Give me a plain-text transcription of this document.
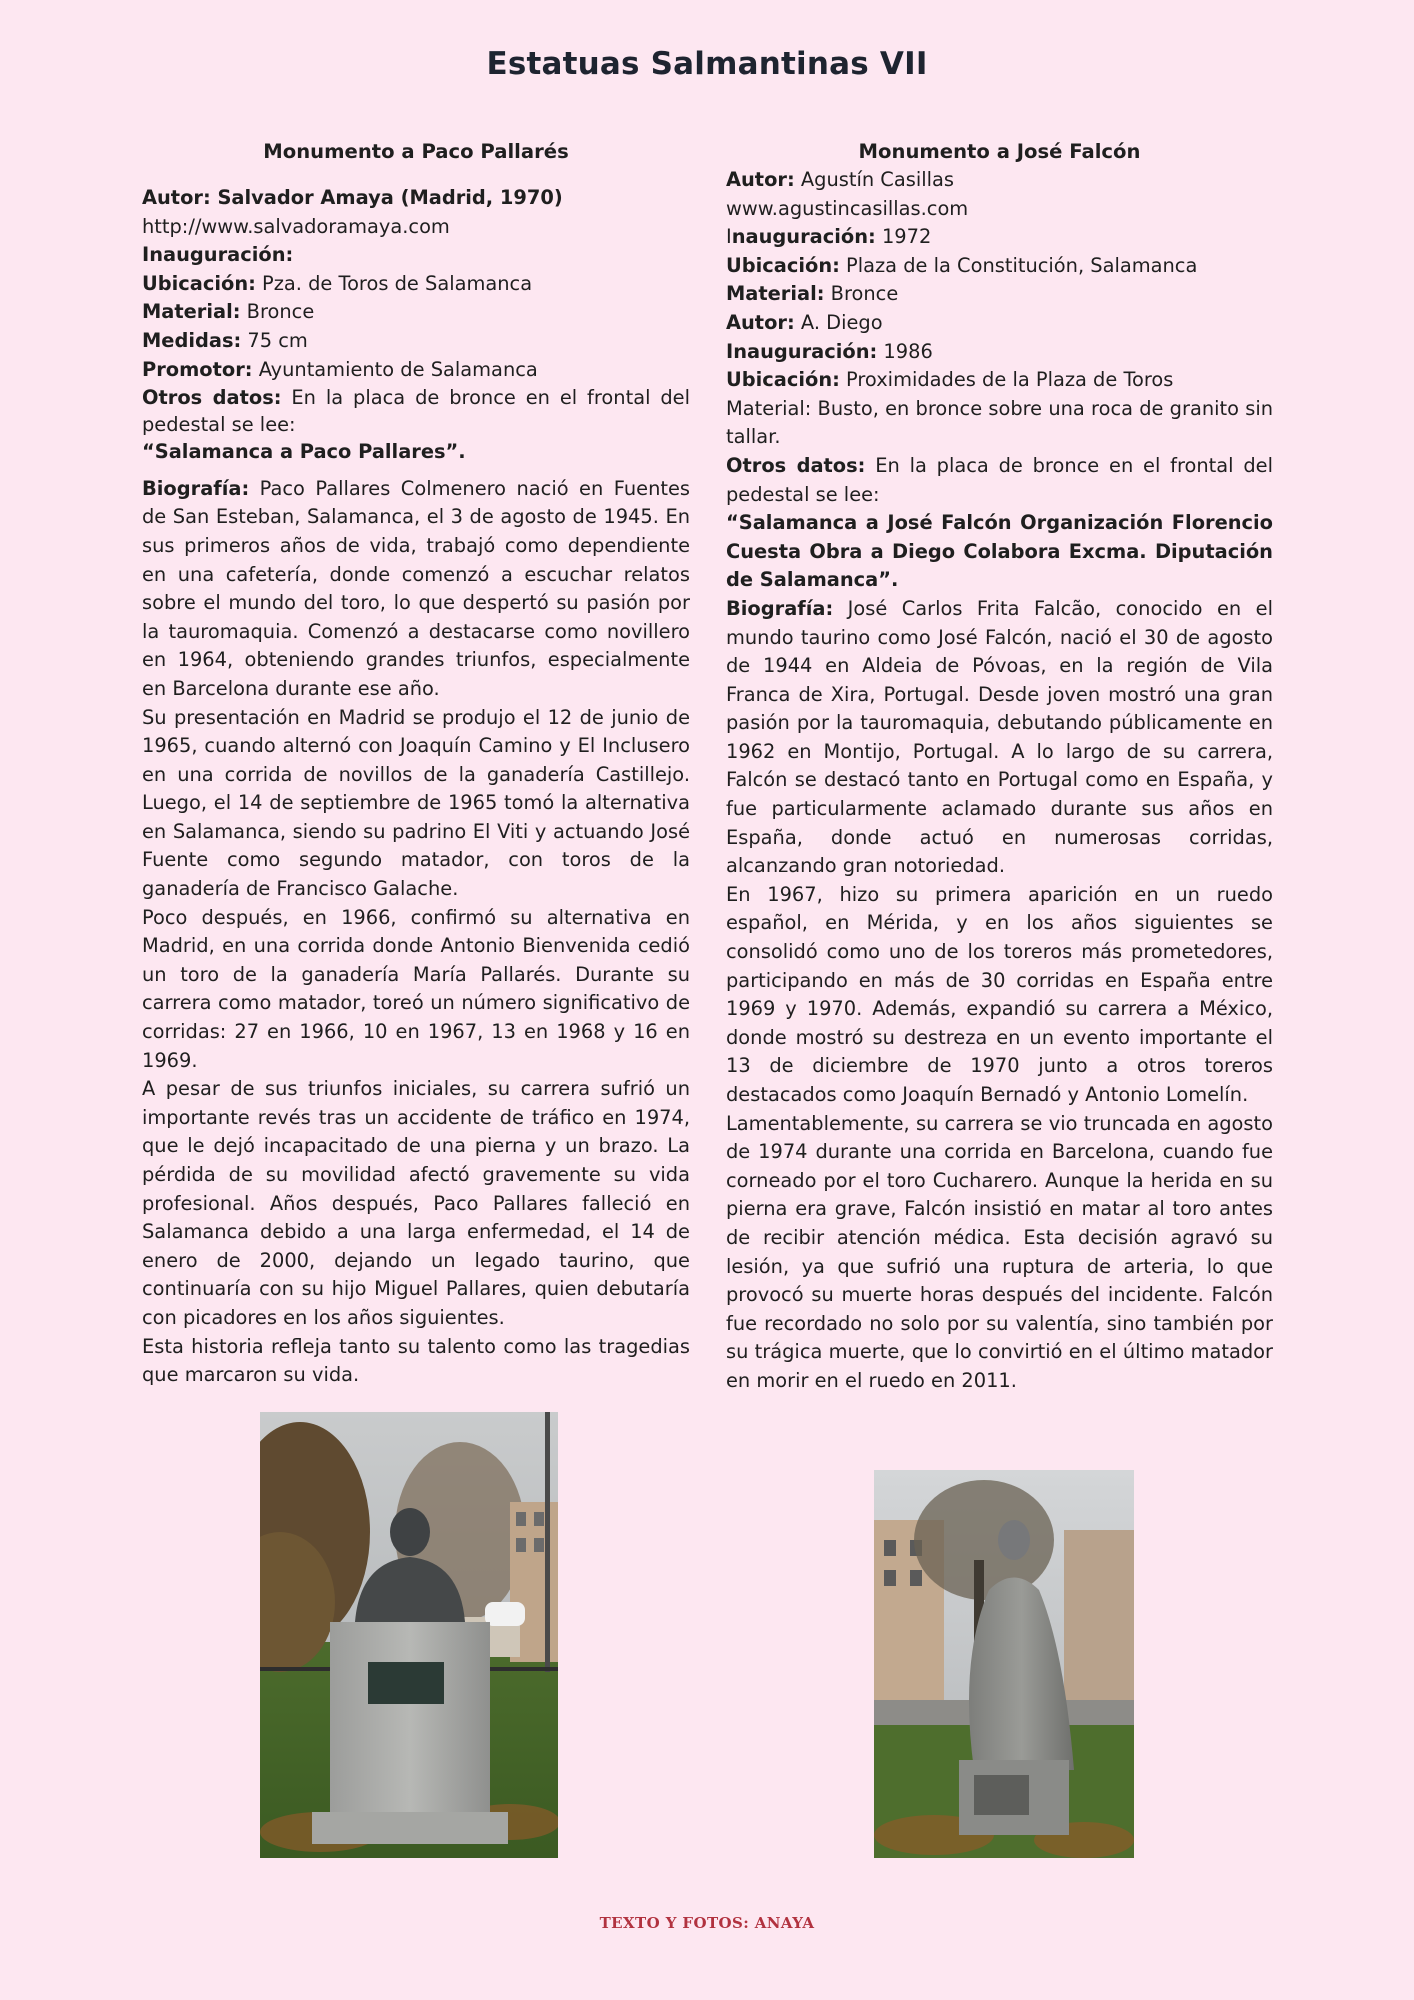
Estatuas Salmantinas VII

Monumento a Paco Pallarés

Autor: Salvador Amaya (Madrid, 1970)

http://www.salvadoramaya.com

Inauguración:

Ubicación: Pza. de Toros de Salamanca

Material: Bronce

Medidas: 75 cm

Promotor: Ayuntamiento de Salamanca

Otros datos: En la placa de bronce en el frontal del pedestal se lee:

“Salamanca a Paco Pallares”.

Biografía: Paco Pallares Colmenero nació en Fuentes de San Esteban, Salamanca, el 3 de agosto de 1945. En sus primeros años de vida, trabajó como dependiente en una cafetería, donde comenzó a escuchar relatos sobre el mundo del toro, lo que despertó su pasión por la tauromaquia. Comenzó a destacarse como novillero en 1964, obteniendo grandes triunfos, especialmente en Barcelona durante ese año.

Su presentación en Madrid se produjo el 12 de junio de 1965, cuando alternó con Joaquín Camino y El Inclusero en una corrida de novillos de la ganadería Castillejo. Luego, el 14 de septiembre de 1965 tomó la alternativa en Salamanca, siendo su padrino El Viti y actuando José Fuente como segundo matador, con toros de la ganadería de Francisco Galache.

Poco después, en 1966, confirmó su alternativa en Madrid, en una corrida donde Antonio Bienvenida cedió un toro de la ganadería María Pallarés. Durante su carrera como matador, toreó un número significativo de corridas: 27 en 1966, 10 en 1967, 13 en 1968 y 16 en 1969.

A pesar de sus triunfos iniciales, su carrera sufrió un importante revés tras un accidente de tráfico en 1974, que le dejó incapacitado de una pierna y un brazo. La pérdida de su movilidad afectó gravemente su vida profesional. Años después, Paco Pallares falleció en Salamanca debido a una larga enfermedad, el 14 de enero de 2000, dejando un legado taurino, que continuaría con su hijo Miguel Pallares, quien debutaría con picadores en los años siguientes.

Esta historia refleja tanto su talento como las tragedias que marcaron su vida.

Monumento a José Falcón

Autor: Agustín Casillas

www.agustincasillas.com

Inauguración: 1972

Ubicación: Plaza de la Constitución, Salamanca

Material: Bronce

Autor: A. Diego

Inauguración: 1986

Ubicación: Proximidades de la Plaza de Toros

Material: Busto, en bronce sobre una roca de granito sin tallar.

Otros datos: En la placa de bronce en el frontal del pedestal se lee:

“Salamanca a José Falcón Organización Florencio Cuesta Obra a Diego Colabora Excma. Diputación de Salamanca”.

Biografía: José Carlos Frita Falcão, conocido en el mundo taurino como José Falcón, nació el 30 de agosto de 1944 en Aldeia de Póvoas, en la región de Vila Franca de Xira, Portugal. Desde joven mostró una gran pasión por la tauromaquia, debutando públicamente en 1962 en Montijo, Portugal. A lo largo de su carrera, Falcón se destacó tanto en Portugal como en España, y fue particularmente aclamado durante sus años en España, donde actuó en numerosas corridas, alcanzando gran notoriedad.

En 1967, hizo su primera aparición en un ruedo español, en Mérida, y en los años siguientes se consolidó como uno de los toreros más prometedores, participando en más de 30 corridas en España entre 1969 y 1970. Además, expandió su carrera a México, donde mostró su destreza en un evento importante el 13 de diciembre de 1970 junto a otros toreros destacados como Joaquín Bernadó y Antonio Lomelín.

Lamentablemente, su carrera se vio truncada en agosto de 1974 durante una corrida en Barcelona, cuando fue corneado por el toro Cucharero. Aunque la herida en su pierna era grave, Falcón insistió en matar al toro antes de recibir atención médica. Esta decisión agravó su lesión, ya que sufrió una ruptura de arteria, lo que provocó su muerte horas después del incidente. Falcón fue recordado no solo por su valentía, sino también por su trágica muerte, que lo convirtió en el último matador en morir en el ruedo en 2011.

TEXTO Y FOTOS: ANAYA
